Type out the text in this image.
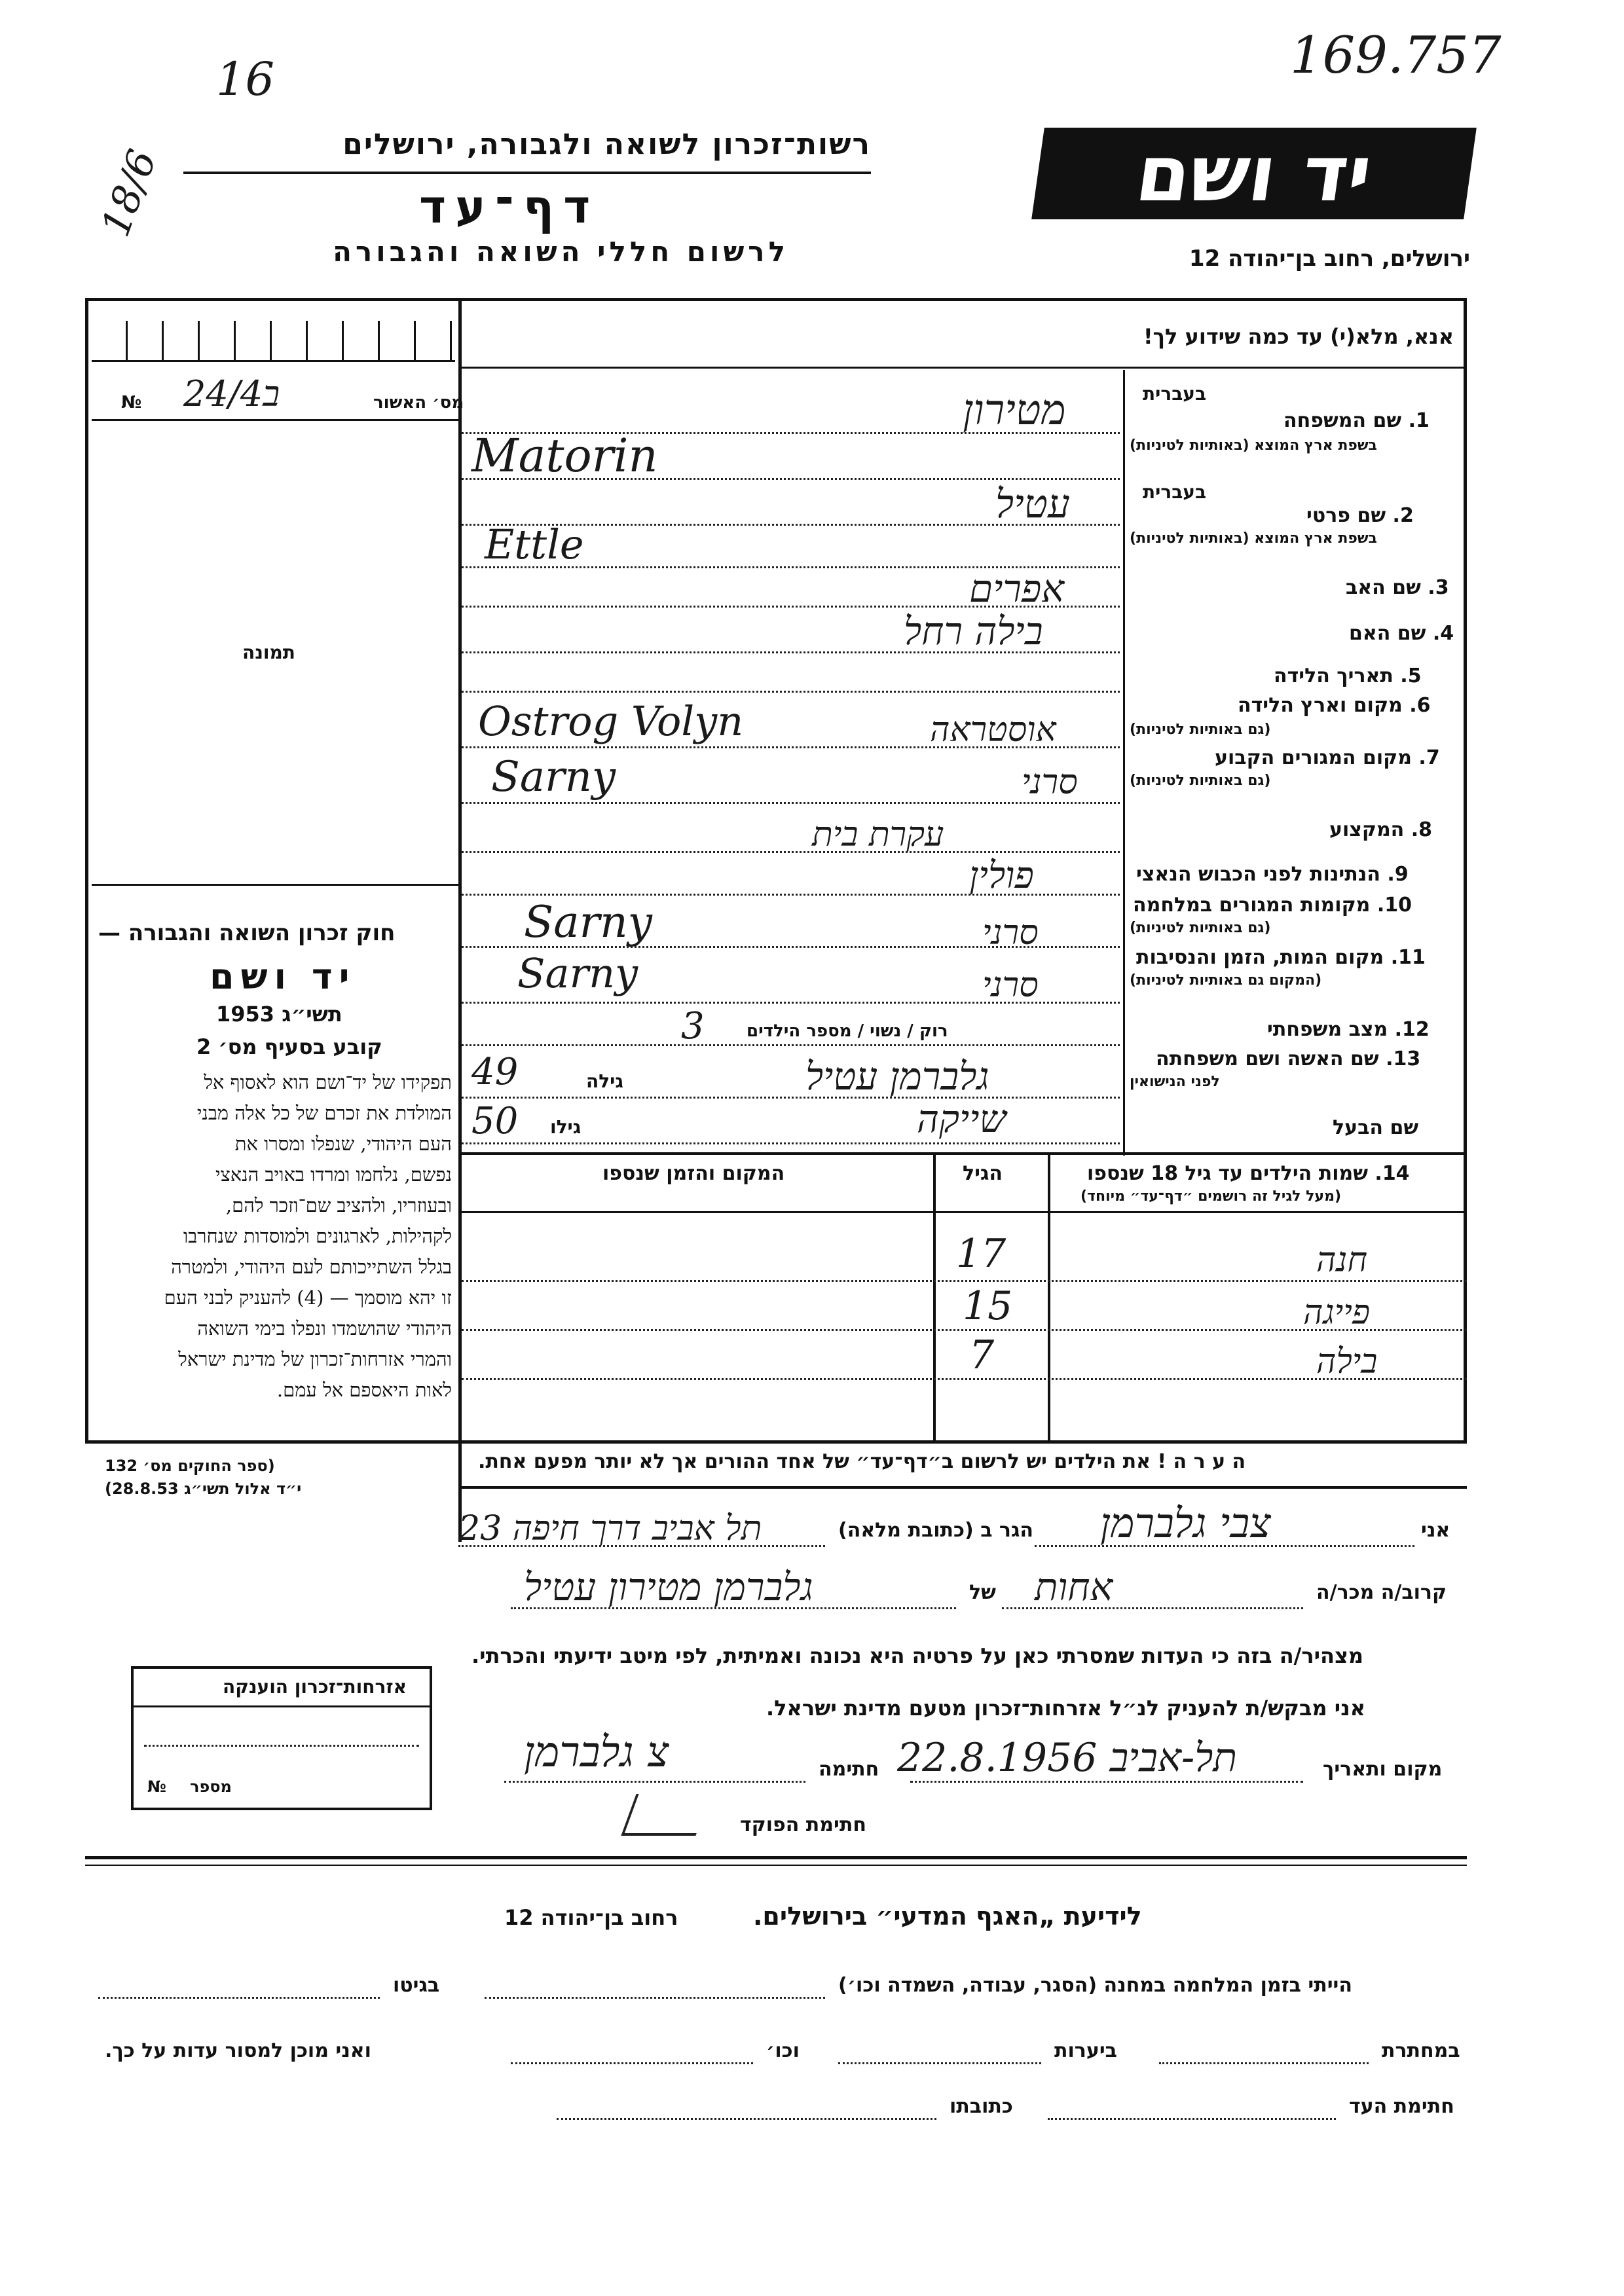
169.757
18/6
16
רשות־זכרון לשואה ולגבורה, ירושלים
דף־עד
לרשום חללי השואה והגבורה
יד ושם
ירושלים, רחוב בן־יהודה 12
אנא, מלא(י) עד כמה שידוע לך!
מס׳ האשור
ב24/4
№
תמונה
חוק זכרון השואה והגבורה —
יד ושם
תשי״ג 1953
קובע בסעיף מס׳ 2
תפקידו של יד־ושם הוא לאסוף אל
המולדת את זכרם של כל אלה מבני
העם היהודי, שנפלו ומסרו את
נפשם, נלחמו ומרדו באויב הנאצי
ובעוזריו, ולהציב שם־וזכר להם,
לקהילות, לארגונים ולמוסדות שנחרבו
בגלל השתייכותם לעם היהודי, ולמטרה
זו יהא מוסמך — (4) להעניק לבני העם
היהודי שהושמדו ונפלו בימי השואה
והמרי אזרחות־זכרון של מדינת ישראל
לאות היאספם אל עמם.
(ספר החוקים מס׳ 132
י״ד אלול תשי״ג 28.8.53)
בעברית
1. שם המשפחה
בשפת ארץ המוצא (באותיות לטיניות)
מטירון
Matorin
בעברית
2. שם פרטי
בשפת ארץ המוצא (באותיות לטיניות)
עטיל
Ettle
3. שם האב
אפרים
4. שם האם
בילה רחל
5. תאריך הלידה
6. מקום וארץ הלידה
(גם באותיות לטיניות)
אוסטראה
Ostrog Volyn
7. מקום המגורים הקבוע
(גם באותיות לטיניות)
סרני
Sarny
8. המקצוע
עקרת בית
9. הנתינות לפני הכבוש הנאצי
פולין
10. מקומות המגורים במלחמה
(גם באותיות לטיניות)
סרני
Sarny
11. מקום המות, הזמן והנסיבות
(המקום גם באותיות לטיניות)
סרני
Sarny
12. מצב משפחתי
רוק / נשוי / מספר הילדים
3
13. שם האשה ושם משפחתה
לפני הנישואין
גלברמן עטיל
גילה
49
שם הבעל
שייקה
גילו
50
14. שמות הילדים עד גיל 18 שנספו
(מעל לגיל זה רושמים ״דף־עד״ מיוחד)
הגיל
המקום והזמן שנספו
חנה
17
פייגה
15
בילה
7
ה ע ר ה ! את הילדים יש לרשום ב״דף־עד״ של אחד ההורים אך לא יותר מפעם אחת.
אני
צבי גלברמן
הגר ב (כתובת מלאה)
תל אביב דרך חיפה 23
קרוב/ה מכר/ה
אחות
של
גלברמן מטירון עטיל
מצהיר/ה בזה כי העדות שמסרתי כאן על פרטיה היא נכונה ואמיתית, לפי מיטב ידיעתי והכרתי.
אני מבקש/ת להעניק לנ״ל אזרחות־זכרון מטעם מדינת ישראל.
מקום ותאריך
תל-אביב 22.8.1956
חתימה
צ גלברמן
חתימת הפוקד
אזרחות־זכרון הוענקה
מספר
№
לידיעת „האגף המדעי״ בירושלים.
רחוב בן־יהודה 12
הייתי בזמן המלחמה במחנה (הסגר, עבודה, השמדה וכו׳)
בגיטו
במחתרת
ביערות
וכו׳
ואני מוכן למסור עדות על כך.
חתימת העד
כתובתו
